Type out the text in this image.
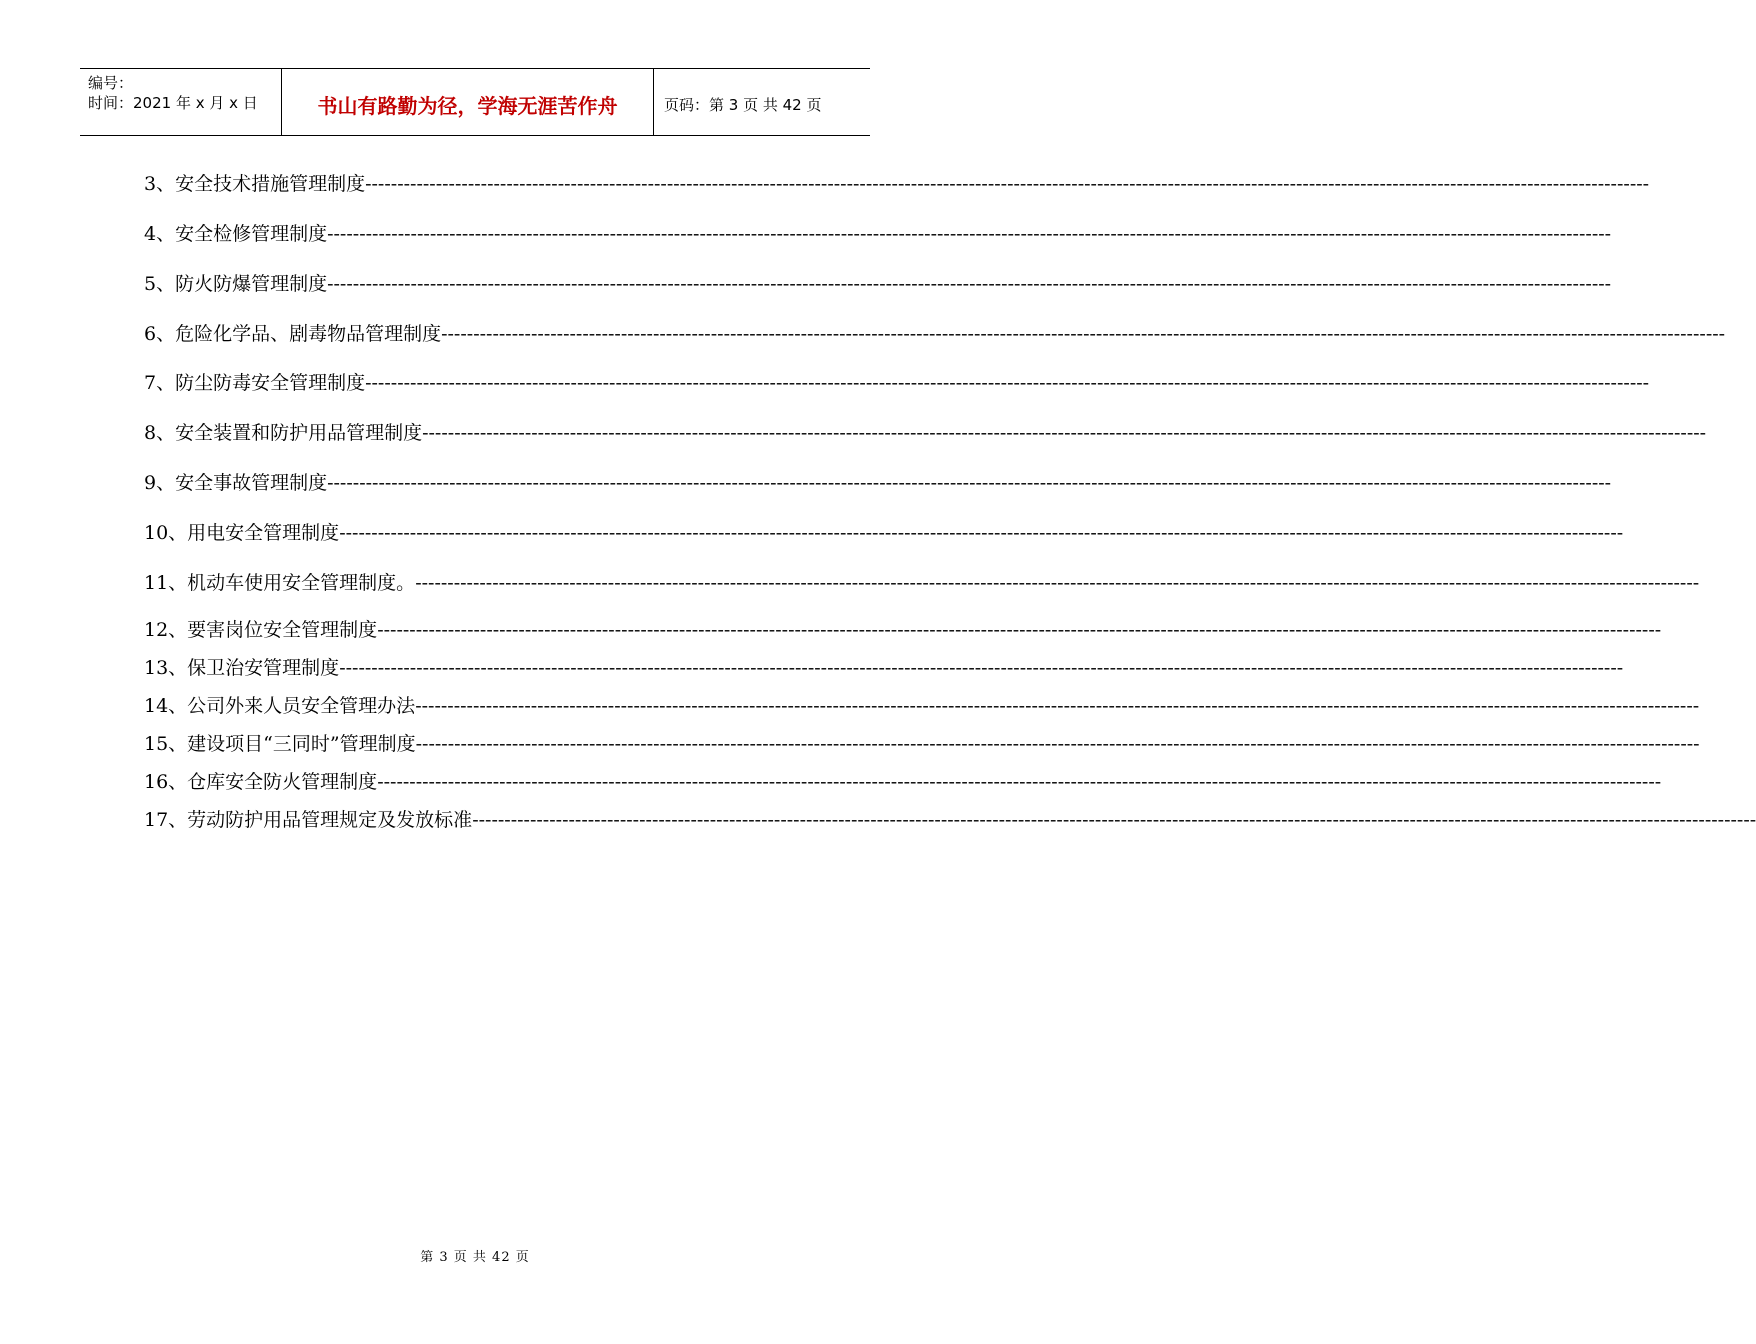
编号：
时间：2021 年 x 月 x 日	书山有路勤为径，学海无涯苦作舟	页码：第 3 页 共 42 页
3、安全技术措施管理制度 --------------------------------------------------------------------------------------------------------------------------------------------------------------------------------------------------------
4、安全检修管理制度 --------------------------------------------------------------------------------------------------------------------------------------------------------------------------------------------------------
5、防火防爆管理制度 --------------------------------------------------------------------------------------------------------------------------------------------------------------------------------------------------------
6、危险化学品、剧毒物品管理制度 --------------------------------------------------------------------------------------------------------------------------------------------------------------------------------------------------------
7、防尘防毒安全管理制度 --------------------------------------------------------------------------------------------------------------------------------------------------------------------------------------------------------
8、安全装置和防护用品管理制度 --------------------------------------------------------------------------------------------------------------------------------------------------------------------------------------------------------
9、安全事故管理制度 --------------------------------------------------------------------------------------------------------------------------------------------------------------------------------------------------------
10、用电安全管理制度 --------------------------------------------------------------------------------------------------------------------------------------------------------------------------------------------------------
11、机动车使用安全管理制度。 --------------------------------------------------------------------------------------------------------------------------------------------------------------------------------------------------------
12、要害岗位安全管理制度 --------------------------------------------------------------------------------------------------------------------------------------------------------------------------------------------------------
13、保卫治安管理制度 --------------------------------------------------------------------------------------------------------------------------------------------------------------------------------------------------------
14、公司外来人员安全管理办法 --------------------------------------------------------------------------------------------------------------------------------------------------------------------------------------------------------
15、建设项目“三同时”管理制度 --------------------------------------------------------------------------------------------------------------------------------------------------------------------------------------------------------
16、仓库安全防火管理制度 --------------------------------------------------------------------------------------------------------------------------------------------------------------------------------------------------------
17、劳动防护用品管理规定及发放标准 --------------------------------------------------------------------------------------------------------------------------------------------------------------------------------------------------------
第 3 页 共 42 页
